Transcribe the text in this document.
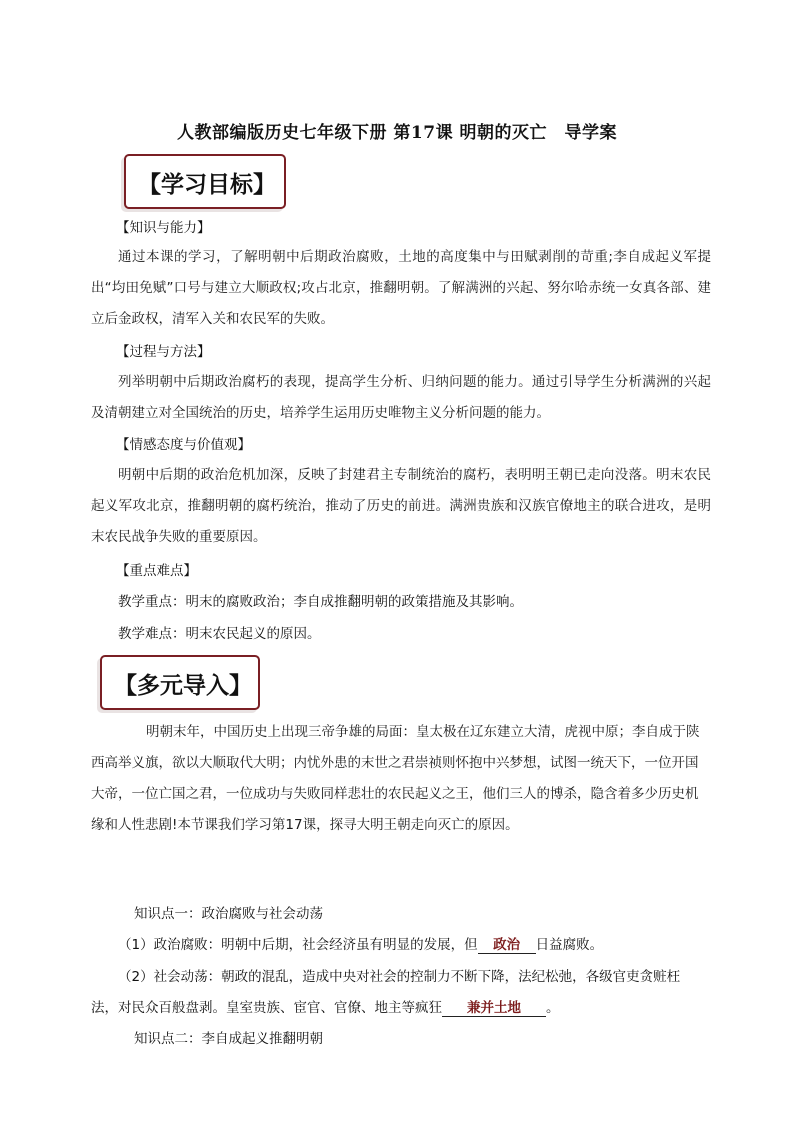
人教部编版历史七年级下册 第17课 明朝的灭亡　导学案
【学习目标】
【知识与能力】
通过本课的学习，了解明朝中后期政治腐败，土地的高度集中与田赋剥削的苛重;李自成起义军提出“均田免赋”口号与建立大顺政权;攻占北京，推翻明朝。了解满洲的兴起、努尔哈赤统一女真各部、建立后金政权，清军入关和农民军的失败。
【过程与方法】
列举明朝中后期政治腐朽的表现，提高学生分析、归纳问题的能力。通过引导学生分析满洲的兴起及清朝建立对全国统治的历史，培养学生运用历史唯物主义分析问题的能力。
【情感态度与价值观】
明朝中后期的政治危机加深，反映了封建君主专制统治的腐朽，表明明王朝已走向没落。明末农民起义军攻北京，推翻明朝的腐朽统治，推动了历史的前进。满洲贵族和汉族官僚地主的联合进攻，是明末农民战争失败的重要原因。
【重点难点】
教学重点：明末的腐败政治；李自成推翻明朝的政策措施及其影响。
教学难点：明末农民起义的原因。
【多元导入】
明朝末年，中国历史上出现三帝争雄的局面：皇太极在辽东建立大清，虎视中原；李自成于陕西高举义旗，欲以大顺取代大明；内忧外患的末世之君崇祯则怀抱中兴梦想，试图一统天下，一位开国大帝，一位亡国之君，一位成功与失败同样悲壮的农民起义之王，他们三人的博杀，隐含着多少历史机缘和人性悲剧!本节课我们学习第17课，探寻大明王朝走向灭亡的原因。
知识点一：政治腐败与社会动荡
（1）政治腐败：明朝中后期，社会经济虽有明显的发展，但 政治 日益腐败。
（2）社会动荡：朝政的混乱，造成中央对社会的控制力不断下降，法纪松弛，各级官吏贪赃枉
法，对民众百般盘剥。皇室贵族、宦官、官僚、地主等疯狂 兼并土地 。
知识点二：李自成起义推翻明朝
